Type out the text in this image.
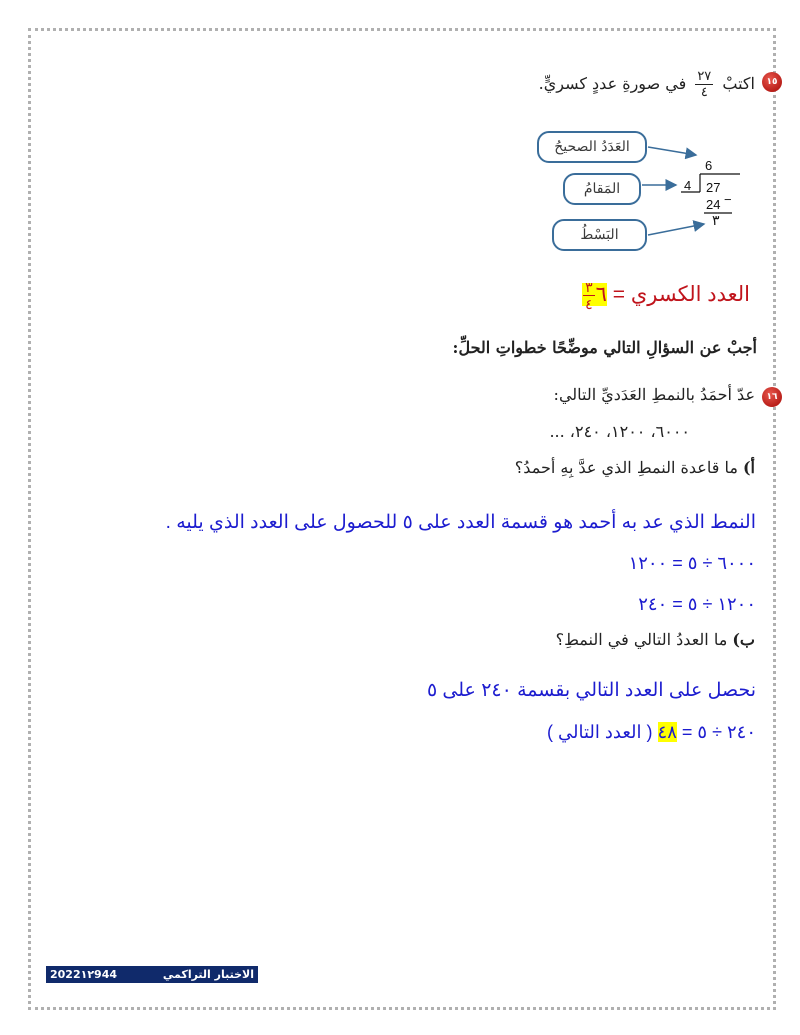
١٥
اكتبْ
$\frac{٢٧}{٤}$
في صورةِ عددٍ كسريٍّ.
العَدَدُ الصحيحُ
المَقامُ
البَسْطُ
6
4 27
24 −
٣
العدد الكسري = ٦
$\frac{٣}{٤}$
أجبْ عن السؤالِ التالي موضِّحًا خطواتِ الحلِّ:
١٦
عدّ أحمَدُ بالنمطِ العَدَديِّ التالي:
٦٠٠٠، ١٢٠٠، ٢٤٠، ...
أ) ما قاعدة النمطِ الذي عدَّ بِهِ أحمدُ؟
النمط الذي عد به أحمد هو قسمة العدد على ٥ للحصول على العدد الذي يليه .
٦٠٠٠ ÷ ٥ = ١٢٠٠
١٢٠٠ ÷ ٥ = ٢٤٠
ب) ما العددُ التالي في النمطِ؟
نحصل على العدد التالي بقسمة ٢٤٠ على ٥
٢٤٠ ÷ ٥ = ٤٨ ( العدد التالي )
2022١٢944	الاختبار التراكمي
